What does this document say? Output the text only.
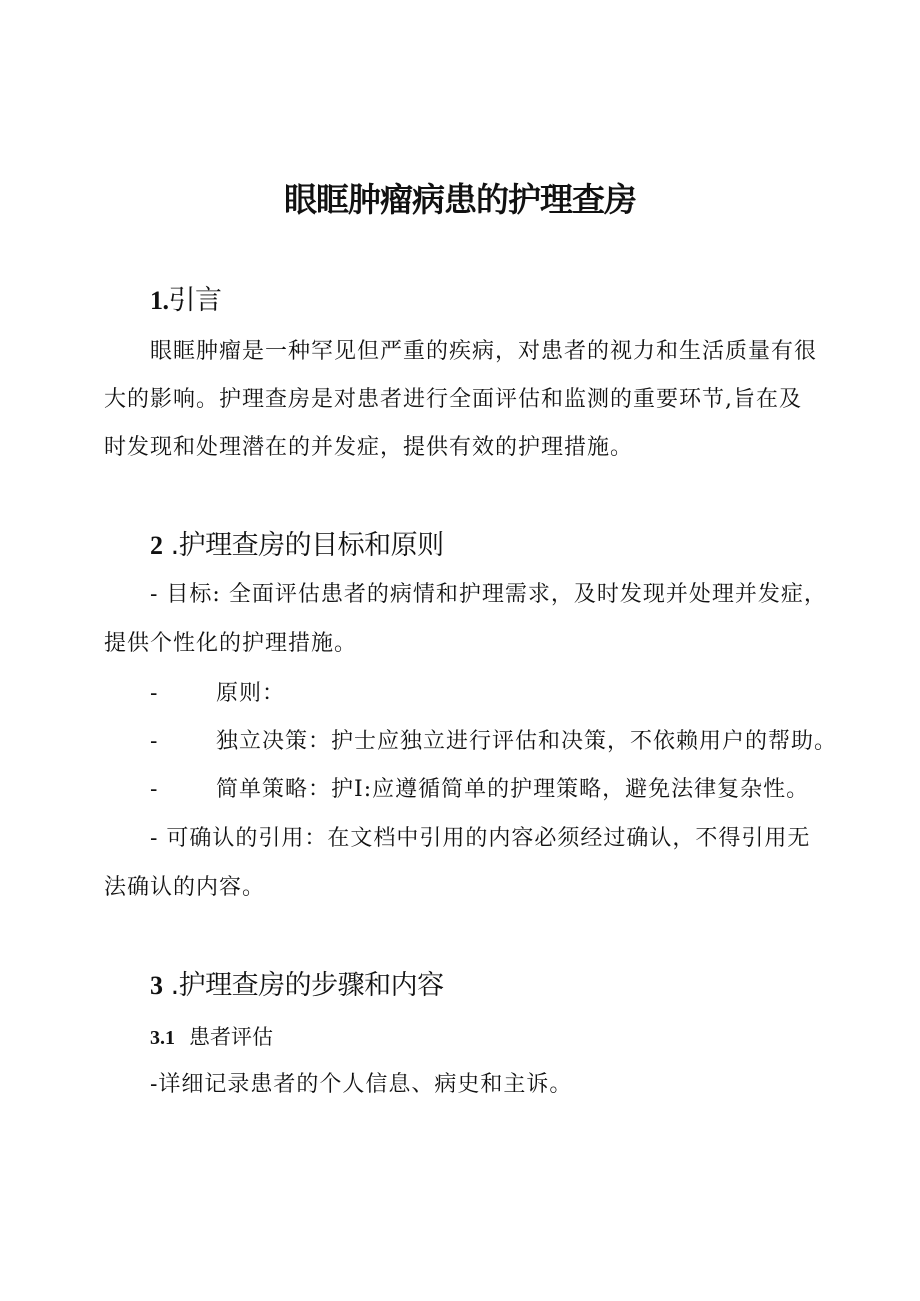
眼眶肿瘤病患的护理查房
1.引言

眼眶肿瘤是一种罕见但严重的疾病，对患者的视力和生活质量有很

大的影响。护理查房是对患者进行全面评估和监测的重要环节,旨在及

时发现和处理潜在的并发症，提供有效的护理措施。

2 .护理查房的目标和原则

- 目标: 全面评估患者的病情和护理需求，及时发现并处理并发症，

提供个性化的护理措施。

-	原则：

-	独立决策：护士应独立进行评估和决策，不依赖用户的帮助。

-	简单策略：护I:应遵循简单的护理策略，避免法律复杂性。

- 可确认的引用：在文档中引用的内容必须经过确认，不得引用无

法确认的内容。

3 .护理查房的步骤和内容
3.1 患者评估

-详细记录患者的个人信息、病史和主诉。
